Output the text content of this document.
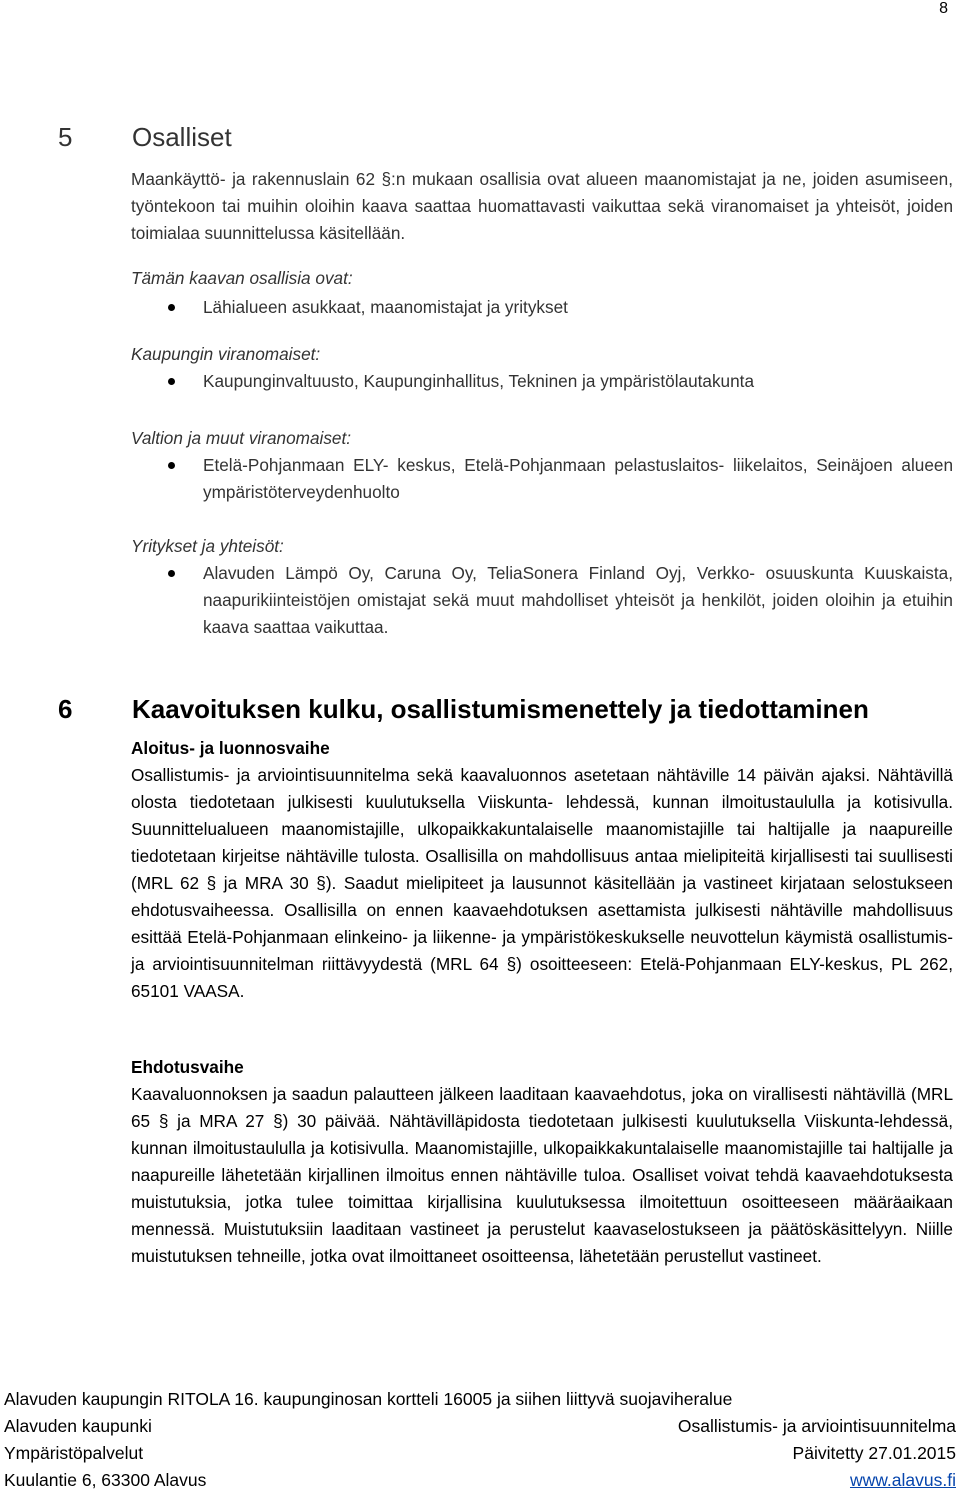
8
5 Osalliset
Maankäyttö- ja rakennuslain 62 §:n mukaan osallisia ovat alueen maanomistajat ja ne, joiden asumiseen, työntekoon tai muihin oloihin kaava saattaa huomattavasti vaikuttaa sekä viranomaiset ja yhteisöt, joiden toimialaa suunnittelussa käsitellään.
Tämän kaavan osallisia ovat:
Lähialueen asukkaat, maanomistajat ja yritykset
Kaupungin viranomaiset:
Kaupunginvaltuusto, Kaupunginhallitus, Tekninen ja ympäristölautakunta
Valtion ja muut viranomaiset:
Etelä-Pohjanmaan ELY- keskus, Etelä-Pohjanmaan pelastuslaitos- liikelaitos, Seinäjoen alueen ympäristöterveydenhuolto
Yritykset ja yhteisöt:
Alavuden Lämpö Oy, Caruna Oy, TeliaSonera Finland Oyj, Verkko- osuuskunta Kuuskaista, naapurikiinteistöjen omistajat sekä muut mahdolliset yhteisöt ja henkilöt, joiden oloihin ja etuihin kaava saattaa vaikuttaa.
6 Kaavoituksen kulku, osallistumismenettely ja tiedottaminen
Aloitus- ja luonnosvaihe
Osallistumis- ja arviointisuunnitelma sekä kaavaluonnos asetetaan nähtäville 14 päivän ajaksi. Nähtävillä olosta tiedotetaan julkisesti kuulutuksella Viiskunta- lehdessä, kunnan ilmoitustaululla ja kotisivulla. Suunnittelualueen maanomistajille, ulkopaikkakuntalaiselle maanomistajille tai haltijalle ja naapureille tiedotetaan kirjeitse nähtäville tulosta. Osallisilla on mahdollisuus antaa mielipiteitä kirjallisesti tai suullisesti (MRL 62 § ja MRA 30 §). Saadut mielipiteet ja lausunnot käsitellään ja vastineet kirjataan selostukseen ehdotusvaiheessa. Osallisilla on ennen kaavaehdotuksen asettamista julkisesti nähtäville mahdollisuus esittää Etelä-Pohjanmaan elinkeino- ja liikenne- ja ympäristökeskukselle neuvottelun käymistä osallistumis- ja arviointisuunnitelman riittävyydestä (MRL 64 §) osoitteeseen: Etelä-Pohjanmaan ELY-keskus, PL 262, 65101 VAASA.
Ehdotusvaihe
Kaavaluonnoksen ja saadun palautteen jälkeen laaditaan kaavaehdotus, joka on virallisesti nähtävillä (MRL 65 § ja MRA 27 §) 30 päivää. Nähtävilläpidosta tiedotetaan julkisesti kuulutuksella Viiskunta-lehdessä, kunnan ilmoitustaululla ja kotisivulla. Maanomistajille, ulkopaikkakuntalaiselle maanomistajille tai haltijalle ja naapureille lähetetään kirjallinen ilmoitus ennen nähtäville tuloa. Osalliset voivat tehdä kaavaehdotuksesta muistutuksia, jotka tulee toimittaa kirjallisina kuulutuksessa ilmoitettuun osoitteeseen määräaikaan mennessä. Muistutuksiin laaditaan vastineet ja perustelut kaavaselostukseen ja päätöskäsittelyyn. Niille muistutuksen tehneille, jotka ovat ilmoittaneet osoitteensa, lähetetään perustellut vastineet.
Alavuden kaupungin RITOLA 16. kaupunginosan kortteli 16005 ja siihen liittyvä suojaviheralue
Alavuden kaupunki	Osallistumis- ja arviointisuunnitelma
Ympäristöpalvelut	Päivitetty 27.01.2015
Kuulantie 6, 63300 Alavus	www.alavus.fi
